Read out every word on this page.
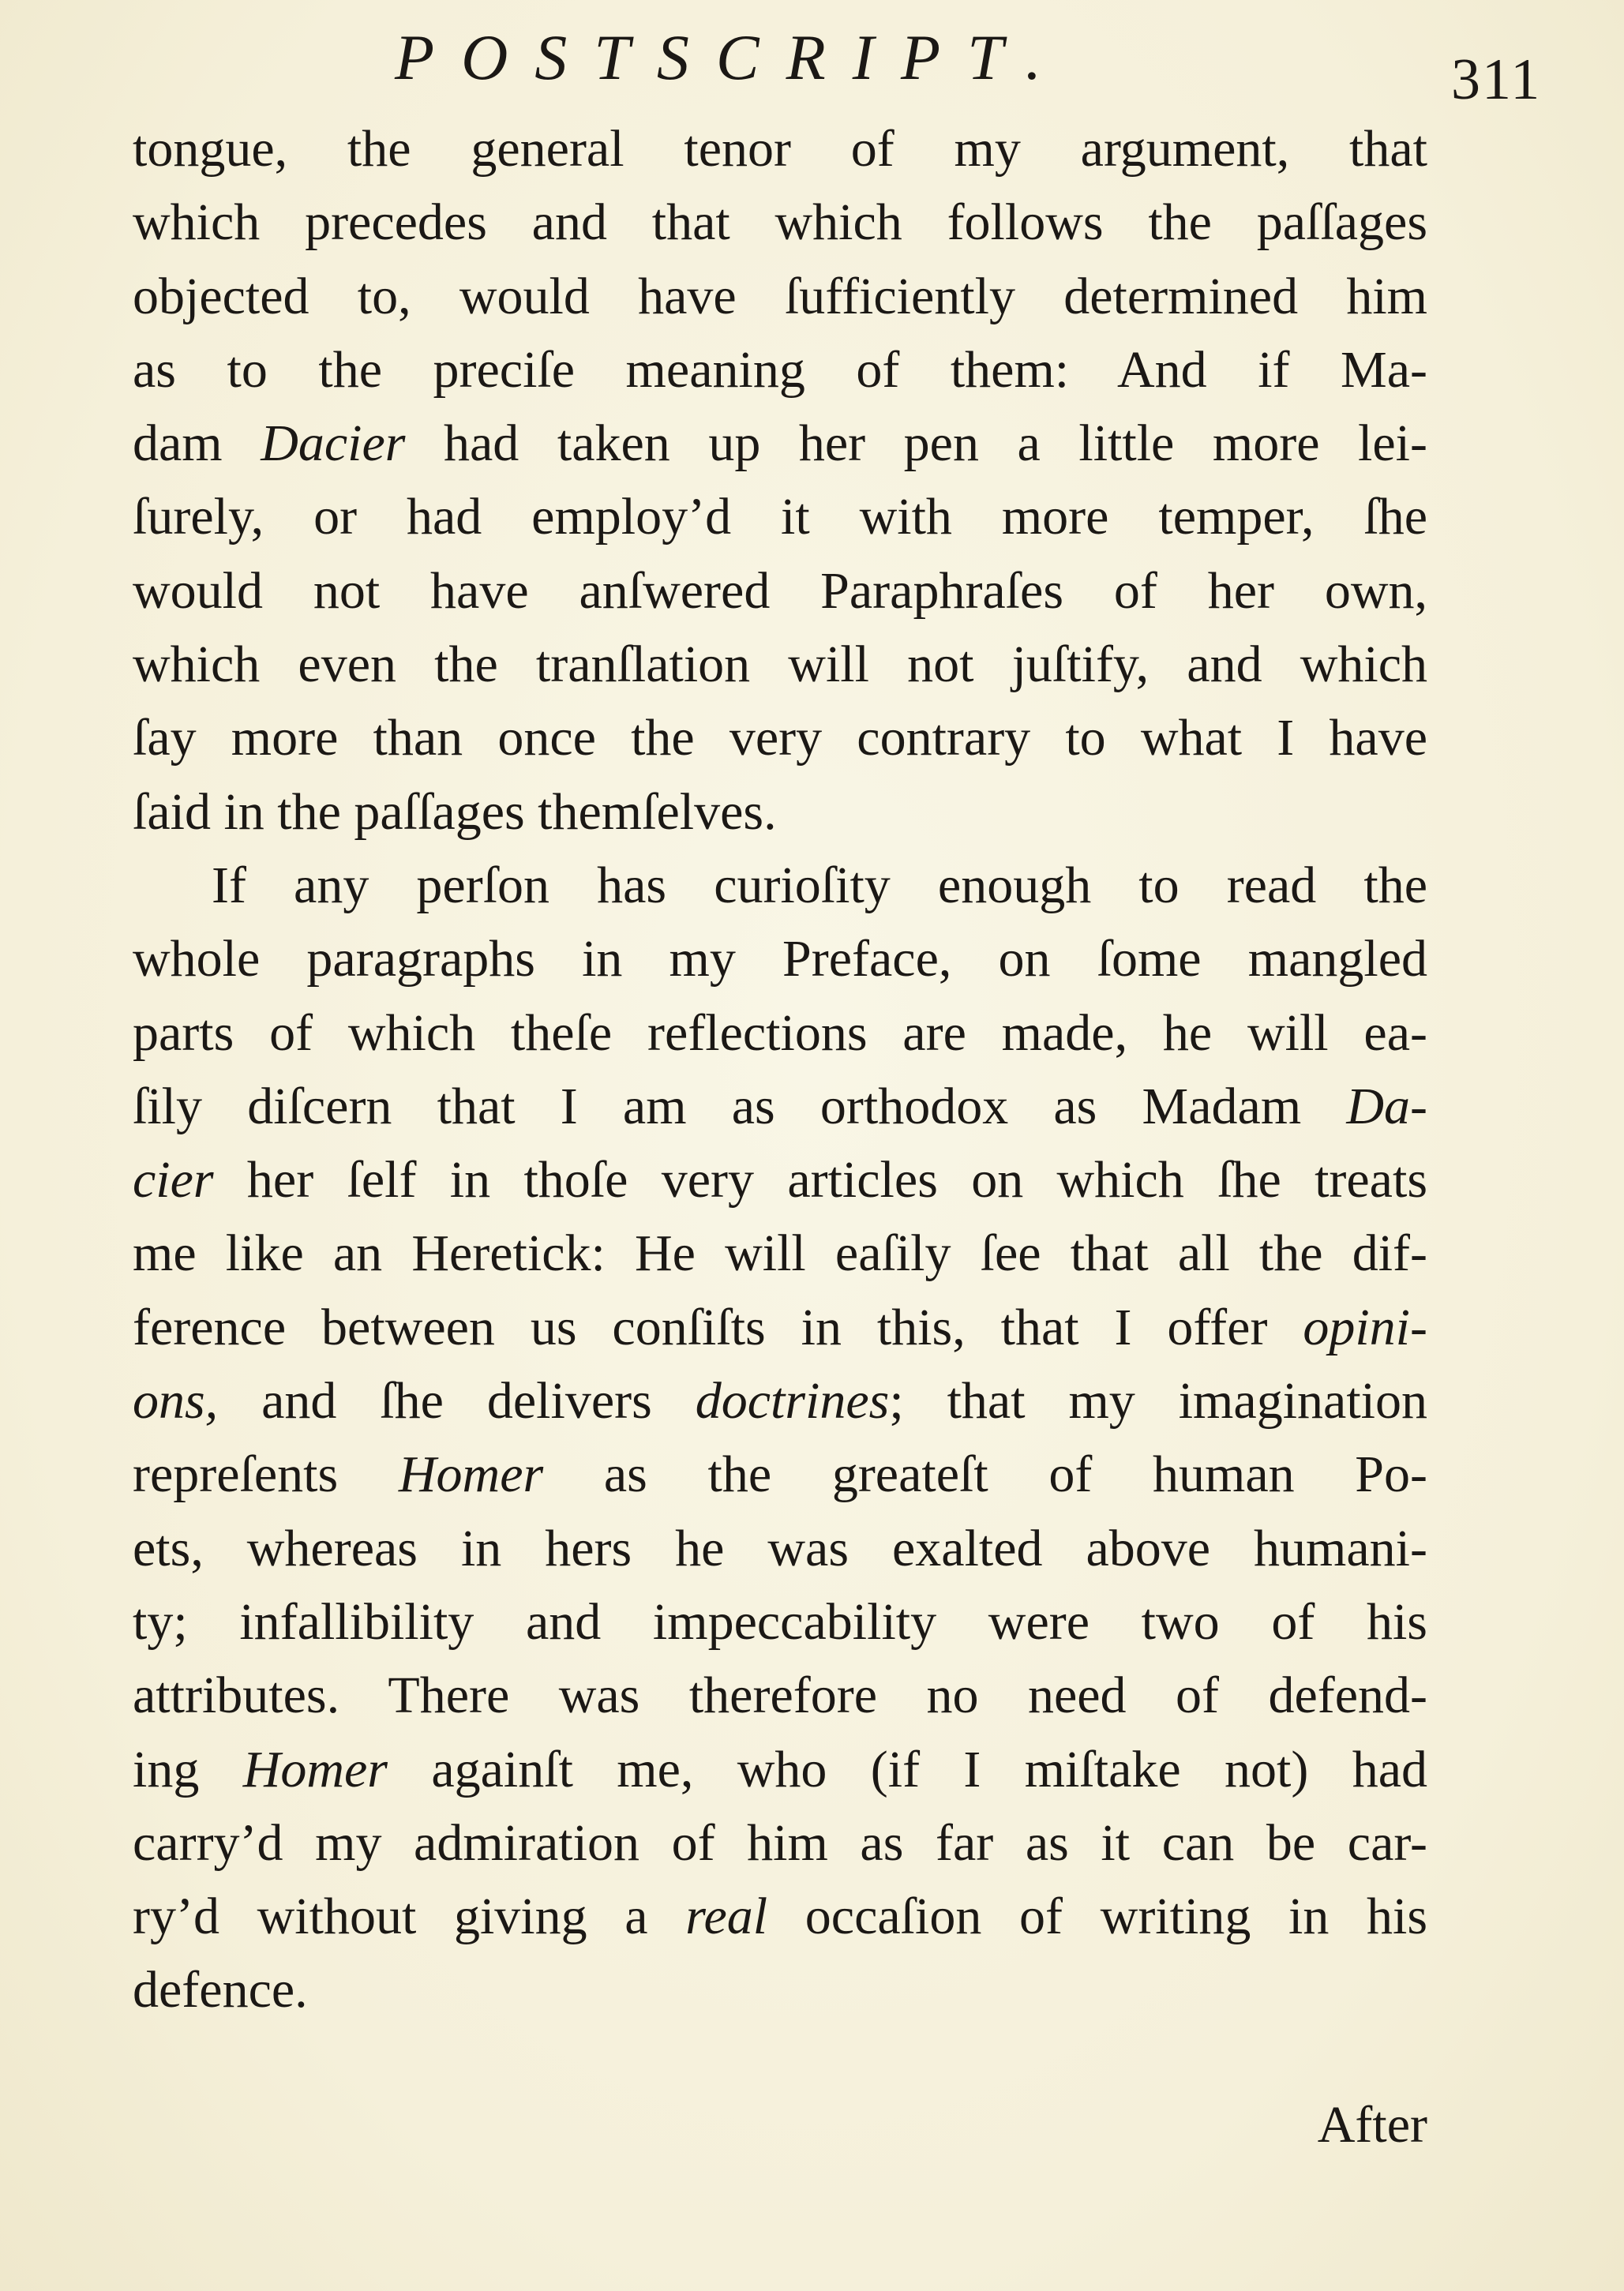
POSTSCRIPT.	311
tongue, the general tenor of my argument, that
which precedes and that which follows the paſſages
objected to, would have ſufficiently determined him
as to the preciſe meaning of them: And if Ma-
dam Dacier had taken up her pen a little more lei-
ſurely, or had employ’d it with more temper, ſhe
would not have anſwered Paraphraſes of her own,
which even the tranſlation will not juſtify, and which
ſay more than once the very contrary to what I have
ſaid in the paſſages themſelves.
If any perſon has curioſity enough to read the
whole paragraphs in my Preface, on ſome mangled
parts of which theſe reflections are made, he will ea-
ſily diſcern that I am as orthodox as Madam Da-
cier her ſelf in thoſe very articles on which ſhe treats
me like an Heretick: He will eaſily ſee that all the dif-
ference between us conſiſts in this, that I offer opini-
ons, and ſhe delivers doctrines; that my imagination
repreſents Homer as the greateſt of human Po-
ets, whereas in hers he was exalted above humani-
ty; infallibility and impeccability were two of his
attributes. There was therefore no need of defend-
ing Homer againſt me, who (if I miſtake not) had
carry’d my admiration of him as far as it can be car-
ry’d without giving a real occaſion of writing in his
defence.
After
